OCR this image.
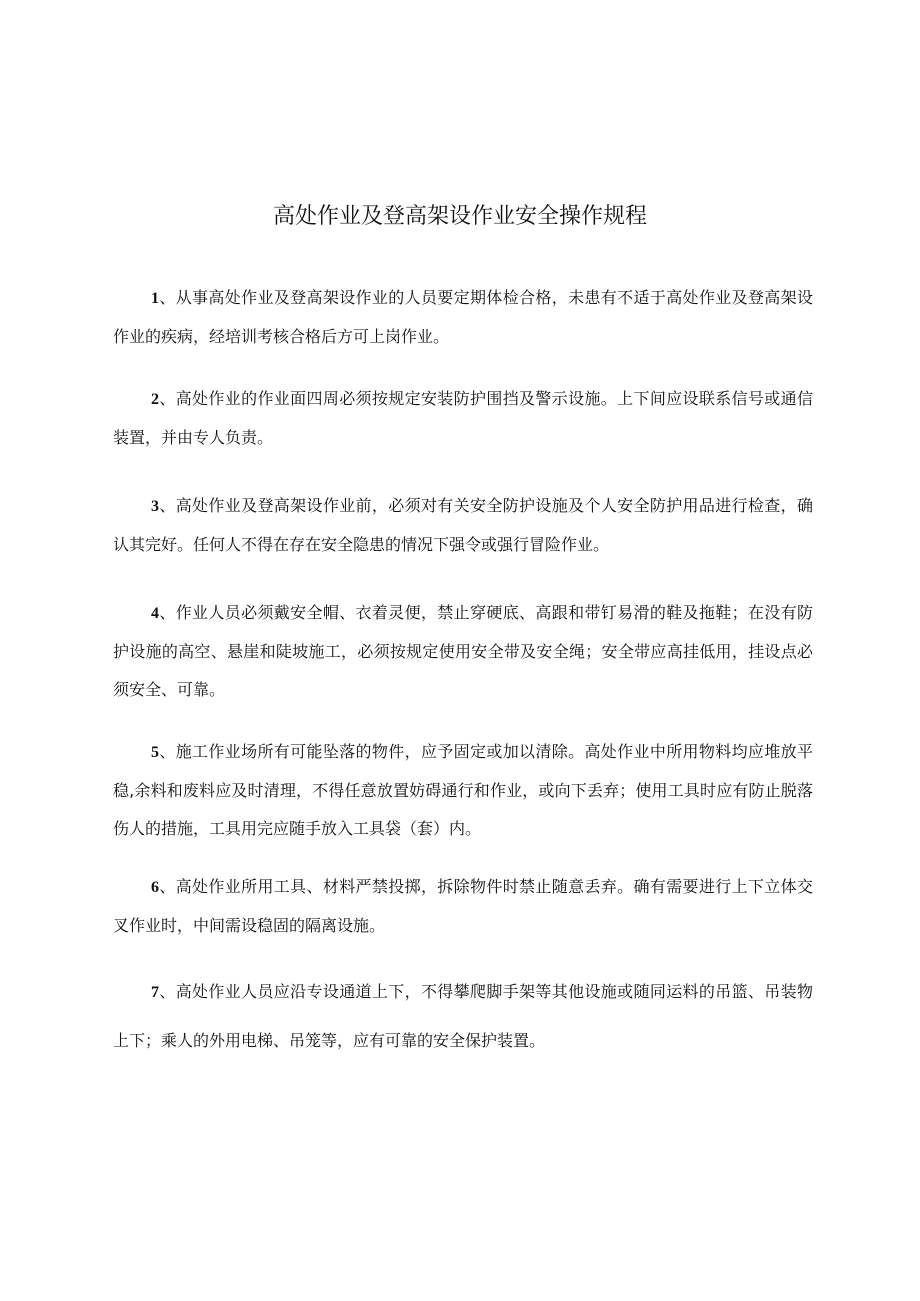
高处作业及登高架设作业安全操作规程

1、从事高处作业及登高架设作业的人员要定期体检合格，未患有不适于高处作业及登高架设作业的疾病，经培训考核合格后方可上岗作业。

2、高处作业的作业面四周必须按规定安装防护围挡及警示设施。上下间应设联系信号或通信装置，并由专人负责。

3、高处作业及登高架设作业前，必须对有关安全防护设施及个人安全防护用品进行检查，确认其完好。任何人不得在存在安全隐患的情况下强令或强行冒险作业。

4、作业人员必须戴安全帽、衣着灵便，禁止穿硬底、高跟和带钉易滑的鞋及拖鞋；在没有防护设施的高空、悬崖和陡坡施工，必须按规定使用安全带及安全绳；安全带应高挂低用，挂设点必须安全、可靠。

5、施工作业场所有可能坠落的物件，应予固定或加以清除。高处作业中所用物料均应堆放平稳,余料和废料应及时清理，不得任意放置妨碍通行和作业，或向下丢弃；使用工具时应有防止脱落伤人的措施，工具用完应随手放入工具袋（套）内。

6、高处作业所用工具、材料严禁投掷，拆除物件时禁止随意丢弃。确有需要进行上下立体交叉作业时，中间需设稳固的隔离设施。

7、高处作业人员应沿专设通道上下，不得攀爬脚手架等其他设施或随同运料的吊篮、吊装物上下；乘人的外用电梯、吊笼等，应有可靠的安全保护装置。
